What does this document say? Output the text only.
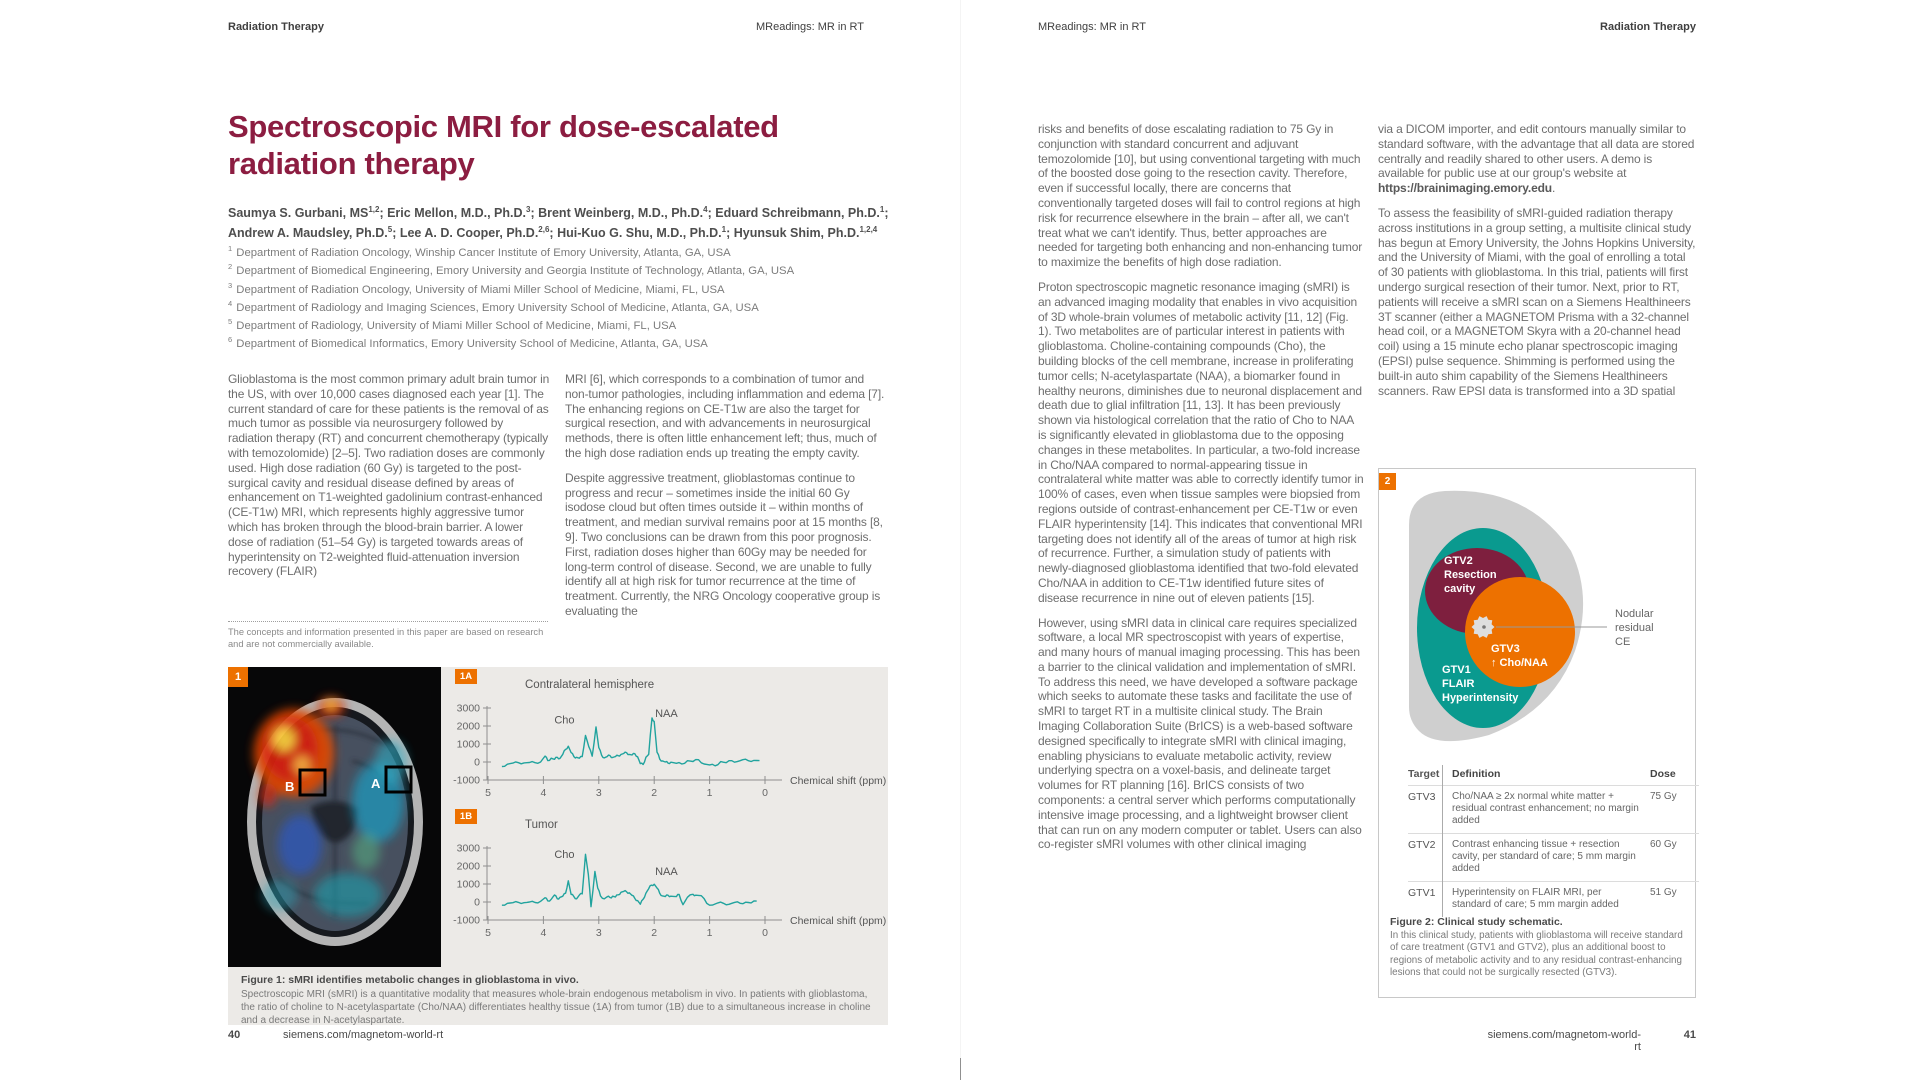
Radiation Therapy	MReadings: MR in RT
Spectroscopic MRI for dose-escalated
radiation therapy
Saumya S. Gurbani, MS$^{1,2}$; Eric Mellon, M.D., Ph.D.$^3$; Brent Weinberg, M.D., Ph.D.$^4$; Eduard Schreibmann, Ph.D.$^1$; Andrew A. Maudsley, Ph.D.$^5$; Lee A. D. Cooper, Ph.D.$^{2,6}$; Hui-Kuo G. Shu, M.D., Ph.D.$^1$; Hyunsuk Shim, Ph.D.$^{1,2,4}$
$^1$ Department of Radiation Oncology, Winship Cancer Institute of Emory University, Atlanta, GA, USA
$^2$ Department of Biomedical Engineering, Emory University and Georgia Institute of Technology, Atlanta, GA, USA
$^3$ Department of Radiation Oncology, University of Miami Miller School of Medicine, Miami, FL, USA
$^4$ Department of Radiology and Imaging Sciences, Emory University School of Medicine, Atlanta, GA, USA
$^5$ Department of Radiology, University of Miami Miller School of Medicine, Miami, FL, USA
$^6$ Department of Biomedical Informatics, Emory University School of Medicine, Atlanta, GA, USA

Glioblastoma is the most common primary adult brain tumor in the US, with over 10,000 cases diagnosed each year [1]. The current standard of care for these patients is the removal of as much tumor as possible via neurosurgery followed by radiation therapy (RT) and concurrent chemotherapy (typically with temozolomide) [2–5]. Two radiation doses are commonly used. High dose radiation (60 Gy) is targeted to the post-surgical cavity and residual disease defined by areas of enhancement on T1-weighted gadolinium contrast-enhanced (CE-T1w) MRI, which represents highly aggressive tumor which has broken through the blood-brain barrier. A lower dose of radiation (51–54 Gy) is targeted towards areas of hyperintensity on T2-weighted fluid-attenuation inversion recovery (FLAIR)

The concepts and information presented in this paper are based on research and are not commercially available.

MRI [6], which corresponds to a combination of tumor and non-tumor pathologies, including inflammation and edema [7]. The enhancing regions on CE-T1w are also the target for surgical resection, and with advancements in neurosurgical methods, there is often little enhancement left; thus, much of the high dose radiation ends up treating the empty cavity.

Despite aggressive treatment, glioblastomas continue to progress and recur – sometimes inside the initial 60 Gy isodose cloud but often times outside it – within months of treatment, and median survival remains poor at 15 months [8, 9]. Two conclusions can be drawn from this poor prognosis. First, radiation doses higher than 60Gy may be needed for long-term control of disease. Second, we are unable to fully identify all at high risk for tumor recurrence at the time of treatment. Currently, the NRG Oncology cooperative group is evaluating the

B	A
1
Contralateral hemisphere
3000
2000
1000
0
-1000
5	4	3	2	1	0
Chemical shift (ppm)
Cho
NAA
Tumor
3000
2000
1000
0
-1000
5	4	3	2	1	0
Chemical shift (ppm)
Cho
NAA
1A
1B
Figure 1: sMRI identifies metabolic changes in glioblastoma in vivo.
Spectroscopic MRI (sMRI) is a quantitative modality that measures whole-brain endogenous metabolism in vivo. In patients with glioblastoma, the ratio of choline to N-acetylaspartate (Cho/NAA) differentiates healthy tissue (1A) from tumor (1B) due to a simultaneous increase in choline and a decrease in N-acetylaspartate.
40	siemens.com/magnetom-world-rt
MReadings: MR in RT	Radiation Therapy

risks and benefits of dose escalating radiation to 75 Gy in conjunction with standard concurrent and adjuvant temozolomide [10], but using conventional targeting with much of the boosted dose going to the resection cavity. Therefore, even if successful locally, there are concerns that conventionally targeted doses will fail to control regions at high risk for recurrence elsewhere in the brain – after all, we can't treat what we can't identify. Thus, better approaches are needed for targeting both enhancing and non-enhancing tumor to maximize the benefits of high dose radiation.

Proton spectroscopic magnetic resonance imaging (sMRI) is an advanced imaging modality that enables in vivo acquisition of 3D whole-brain volumes of metabolic activity [11, 12] (Fig. 1). Two metabolites are of particular interest in patients with glioblastoma. Choline-containing compounds (Cho), the building blocks of the cell membrane, increase in proliferating tumor cells; N-acetylaspartate (NAA), a biomarker found in healthy neurons, diminishes due to neuronal displacement and death due to glial infiltration [11, 13]. It has been previously shown via histological correlation that the ratio of Cho to NAA is significantly elevated in glioblastoma due to the opposing changes in these metabolites. In particular, a two-fold increase in Cho/NAA compared to normal-appearing tissue in contralateral white matter was able to correctly identify tumor in 100% of cases, even when tissue samples were biopsied from regions outside of contrast-enhancement per CE-T1w or even FLAIR hyperintensity [14]. This indicates that conventional MRI targeting does not identify all of the areas of tumor at high risk of recurrence. Further, a simulation study of patients with newly-diagnosed glioblastoma identified that two-fold elevated Cho/NAA in addition to CE-T1w identified future sites of disease recurrence in nine out of eleven patients [15].

However, using sMRI data in clinical care requires specialized software, a local MR spectroscopist with years of expertise, and many hours of manual imaging processing. This has been a barrier to the clinical validation and implementation of sMRI. To address this need, we have developed a software package which seeks to automate these tasks and facilitate the use of sMRI to target RT in a multisite clinical study. The Brain Imaging Collaboration Suite (BrICS) is a web-based software designed specifically to integrate sMRI with clinical imaging, enabling physicians to evaluate metabolic activity, review underlying spectra on a voxel-basis, and delineate target volumes for RT planning [16]. BrICS consists of two components: a central server which performs computationally intensive image processing, and a lightweight browser client that can run on any modern computer or tablet. Users can also co-register sMRI volumes with other clinical imaging

via a DICOM importer, and edit contours manually similar to standard software, with the advantage that all data are stored centrally and readily shared to other users. A demo is available for public use at our group's website at https://brainimaging.emory.edu.

To assess the feasibility of sMRI-guided radiation therapy across institutions in a group setting, a multisite clinical study has begun at Emory University, the Johns Hopkins University, and the University of Miami, with the goal of enrolling a total of 30 patients with glioblastoma. In this trial, patients will first undergo surgical resection of their tumor. Next, prior to RT, patients will receive a sMRI scan on a Siemens Healthineers 3T scanner (either a MAGNETOM Prisma with a 32-channel head coil, or a MAGNETOM Skyra with a 20-channel head coil) using a 15 minute echo planar spectroscopic imaging (EPSI) pulse sequence. Shimming is performed using the built-in auto shim capability of the Siemens Healthineers scanners. Raw EPSI data is transformed into a 3D spatial

2
GTV2
Resection
cavity
GTV3
↑ Cho/NAA
GTV1
FLAIR
Hyperintensity
Nodular
residual
CE
Target	Definition	Dose
GTV3	Cho/NAA ≥ 2x normal white matter + residual contrast enhancement; no margin added	75 Gy
GTV2	Contrast enhancing tissue + resection cavity, per standard of care; 5 mm margin added	60 Gy
GTV1	Hyperintensity on FLAIR MRI, per standard of care; 5 mm margin added	51 Gy
Figure 2: Clinical study schematic.
In this clinical study, patients with glioblastoma will receive standard of care treatment (GTV1 and GTV2), plus an additional boost to regions of metabolic activity and to any residual contrast-enhancing lesions that could not be surgically resected (GTV3).
siemens.com/magnetom-world-rt
41
